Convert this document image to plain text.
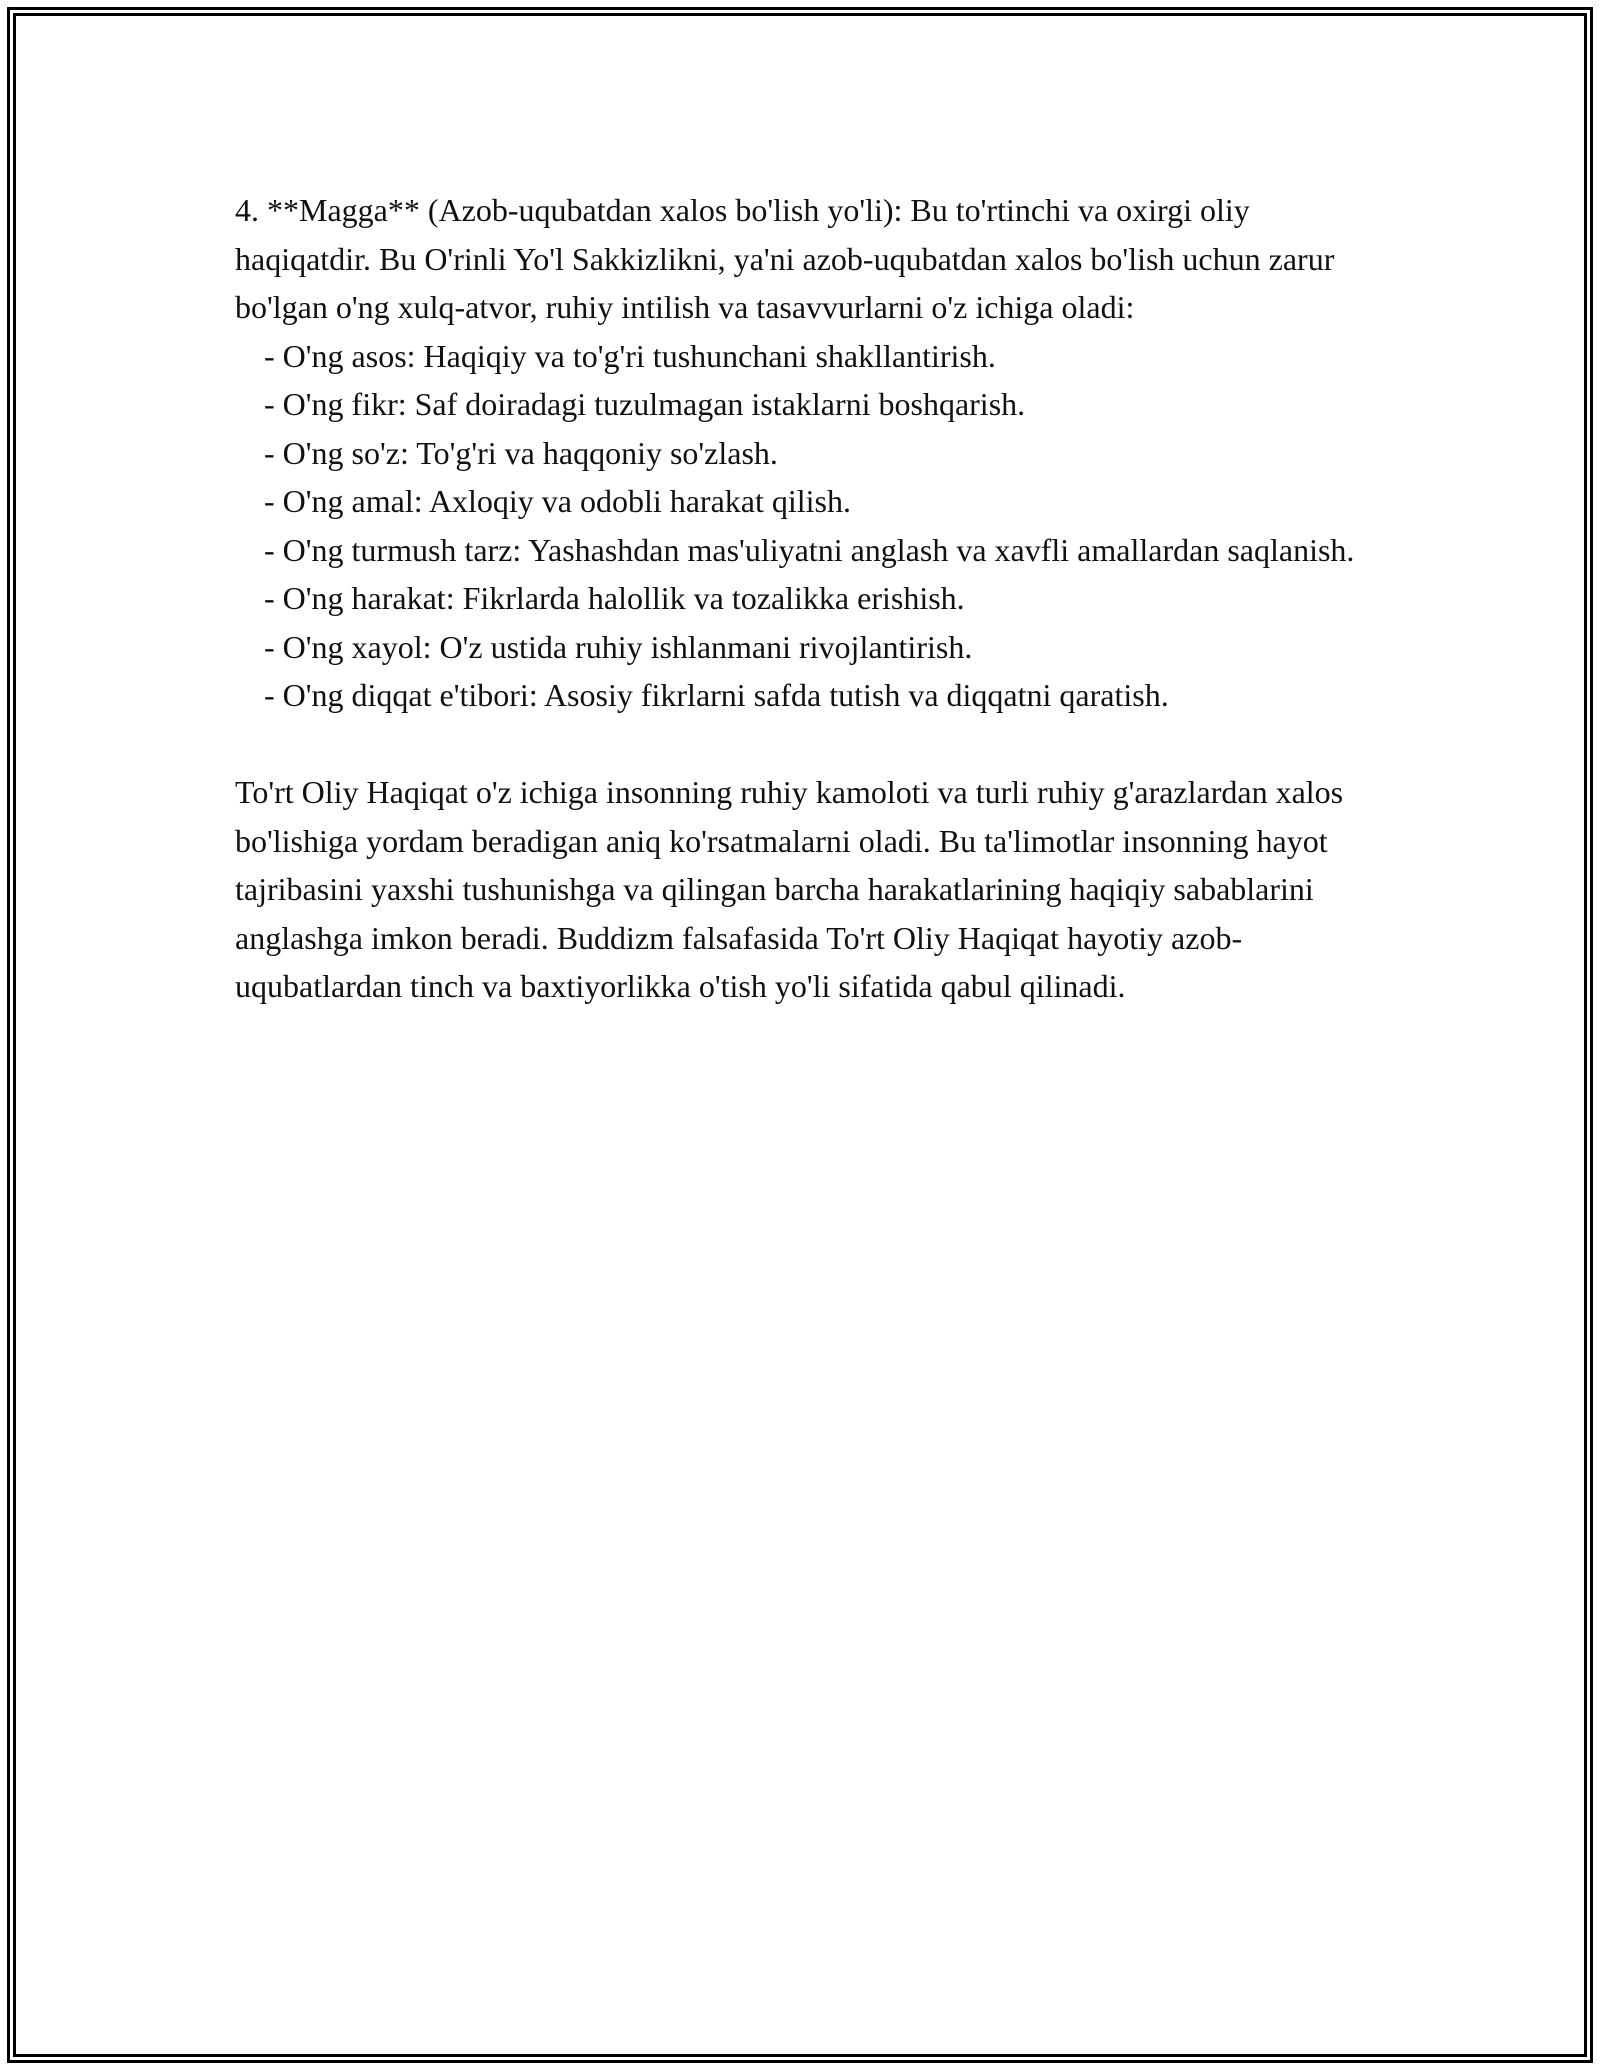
4. **Magga** (Azob-uqubatdan xalos bo'lish yo'li): Bu to'rtinchi va oxirgi oliy haqiqatdir. Bu O'rinli Yo'l Sakkizlikni, ya'ni azob-uqubatdan xalos bo'lish uchun zarur bo'lgan o'ng xulq-atvor, ruhiy intilish va tasavvurlarni o'z ichiga oladi:

- O'ng asos: Haqiqiy va to'g'ri tushunchani shakllantirish.
- O'ng fikr: Saf doiradagi tuzulmagan istaklarni boshqarish.
- O'ng so'z: To'g'ri va haqqoniy so'zlash.
- O'ng amal: Axloqiy va odobli harakat qilish.
- O'ng turmush tarz: Yashashdan mas'uliyatni anglash va xavfli amallardan saqlanish.
- O'ng harakat: Fikrlarda halollik va tozalikka erishish.
- O'ng xayol: O'z ustida ruhiy ishlanmani rivojlantirish.
- O'ng diqqat e'tibori: Asosiy fikrlarni safda tutish va diqqatni qaratish.

To'rt Oliy Haqiqat o'z ichiga insonning ruhiy kamoloti va turli ruhiy g'arazlardan xalos bo'lishiga yordam beradigan aniq ko'rsatmalarni oladi. Bu ta'limotlar insonning hayot tajribasini yaxshi tushunishga va qilingan barcha harakatlarining haqiqiy sabablarini anglashga imkon beradi. Buddizm falsafasida To'rt Oliy Haqiqat hayotiy azob-uqubatlardan tinch va baxtiyorlikka o'tish yo'li sifatida qabul qilinadi.
